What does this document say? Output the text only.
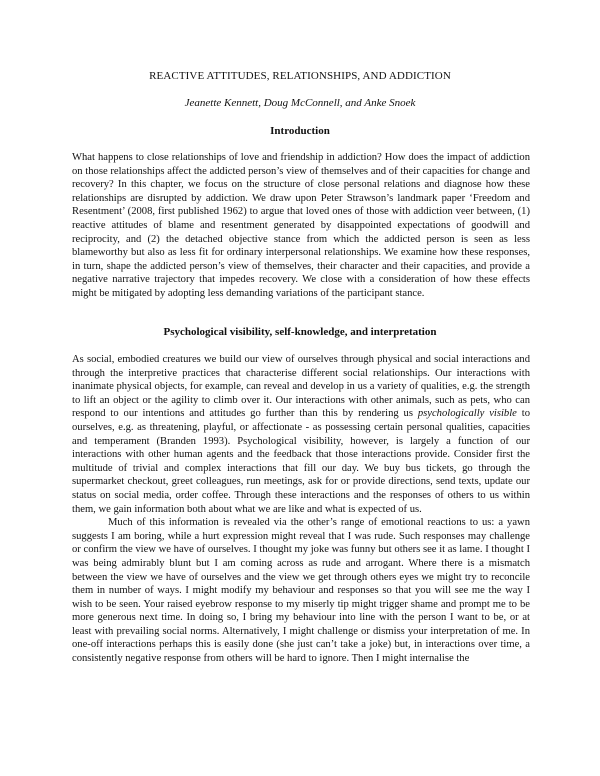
REACTIVE ATTITUDES, RELATIONSHIPS, AND ADDICTION
Jeanette Kennett, Doug McConnell, and Anke Snoek
Introduction

What happens to close relationships of love and friendship in addiction? How does the impact of addiction on those relationships affect the addicted person’s view of themselves and of their capacities for change and recovery? In this chapter, we focus on the structure of close personal relations and diagnose how these relationships are disrupted by addiction. We draw upon Peter Strawson’s landmark paper ‘Freedom and Resentment’ (2008, first published 1962) to argue that loved ones of those with addiction veer between, (1) reactive attitudes of blame and resentment generated by disappointed expectations of goodwill and reciprocity, and (2) the detached objective stance from which the addicted person is seen as less blameworthy but also as less fit for ordinary interpersonal relationships. We examine how these responses, in turn, shape the addicted person’s view of themselves, their character and their capacities, and provide a negative narrative trajectory that impedes recovery. We close with a consideration of how these effects might be mitigated by adopting less demanding variations of the participant stance.

Psychological visibility, self-knowledge, and interpretation

As social, embodied creatures we build our view of ourselves through physical and social interactions and through the interpretive practices that characterise different social relationships. Our interactions with inanimate physical objects, for example, can reveal and develop in us a variety of qualities, e.g. the strength to lift an object or the agility to climb over it. Our interactions with other animals, such as pets, who can respond to our intentions and attitudes go further than this by rendering us psychologically visible to ourselves, e.g. as threatening, playful, or affectionate - as possessing certain personal qualities, capacities and temperament (Branden 1993). Psychological visibility, however, is largely a function of our interactions with other human agents and the feedback that those interactions provide. Consider first the multitude of trivial and complex interactions that fill our day. We buy bus tickets, go through the supermarket checkout, greet colleagues, run meetings, ask for or provide directions, send texts, update our status on social media, order coffee. Through these interactions and the responses of others to us within them, we gain information both about what we are like and what is expected of us.

Much of this information is revealed via the other’s range of emotional reactions to us: a yawn suggests I am boring, while a hurt expression might reveal that I was rude. Such responses may challenge or confirm the view we have of ourselves. I thought my joke was funny but others see it as lame. I thought I was being admirably blunt but I am coming across as rude and arrogant. Where there is a mismatch between the view we have of ourselves and the view we get through others eyes we might try to reconcile them in number of ways. I might modify my behaviour and responses so that you will see me the way I wish to be seen. Your raised eyebrow response to my miserly tip might trigger shame and prompt me to be more generous next time. In doing so, I bring my behaviour into line with the person I want to be, or at least with prevailing social norms. Alternatively, I might challenge or dismiss your interpretation of me. In one-off interactions perhaps this is easily done (she just can’t take a joke) but, in interactions over time, a consistently negative response from others will be hard to ignore. Then I might internalise the
